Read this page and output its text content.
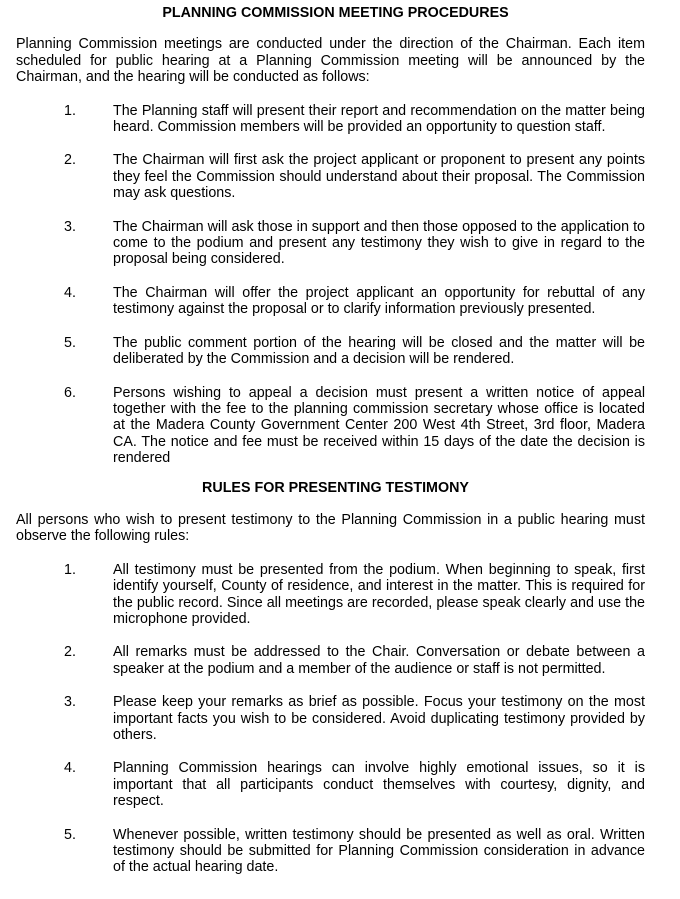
PLANNING COMMISSION MEETING PROCEDURES

Planning Commission meetings are conducted under the direction of the Chairman. Each item scheduled for public hearing at a Planning Commission meeting will be announced by the Chairman, and the hearing will be conducted as follows:

1.	The Planning staff will present their report and recommendation on the matter being heard. Commission members will be provided an opportunity to question staff.
2.	The Chairman will first ask the project applicant or proponent to present any points they feel the Commission should understand about their proposal. The Commission may ask questions.
3.	The Chairman will ask those in support and then those opposed to the application to come to the podium and present any testimony they wish to give in regard to the proposal being considered.
4.	The Chairman will offer the project applicant an opportunity for rebuttal of any testimony against the proposal or to clarify information previously presented.
5.	The public comment portion of the hearing will be closed and the matter will be deliberated by the Commission and a decision will be rendered.
6.	Persons wishing to appeal a decision must present a written notice of appeal together with the fee to the planning commission secretary whose office is located at the Madera County Government Center 200 West 4th Street, 3rd floor, Madera CA. The notice and fee must be received within 15 days of the date the decision is rendered
RULES FOR PRESENTING TESTIMONY

All persons who wish to present testimony to the Planning Commission in a public hearing must observe the following rules:

1.	All testimony must be presented from the podium. When beginning to speak, first identify yourself, County of residence, and interest in the matter. This is required for the public record. Since all meetings are recorded, please speak clearly and use the microphone provided.
2.	All remarks must be addressed to the Chair. Conversation or debate between a speaker at the podium and a member of the audience or staff is not permitted.
3.	Please keep your remarks as brief as possible. Focus your testimony on the most important facts you wish to be considered. Avoid duplicating testimony provided by others.
4.	Planning Commission hearings can involve highly emotional issues, so it is important that all participants conduct themselves with courtesy, dignity, and respect.
5.	Whenever possible, written testimony should be presented as well as oral. Written testimony should be submitted for Planning Commission consideration in advance of the actual hearing date.
